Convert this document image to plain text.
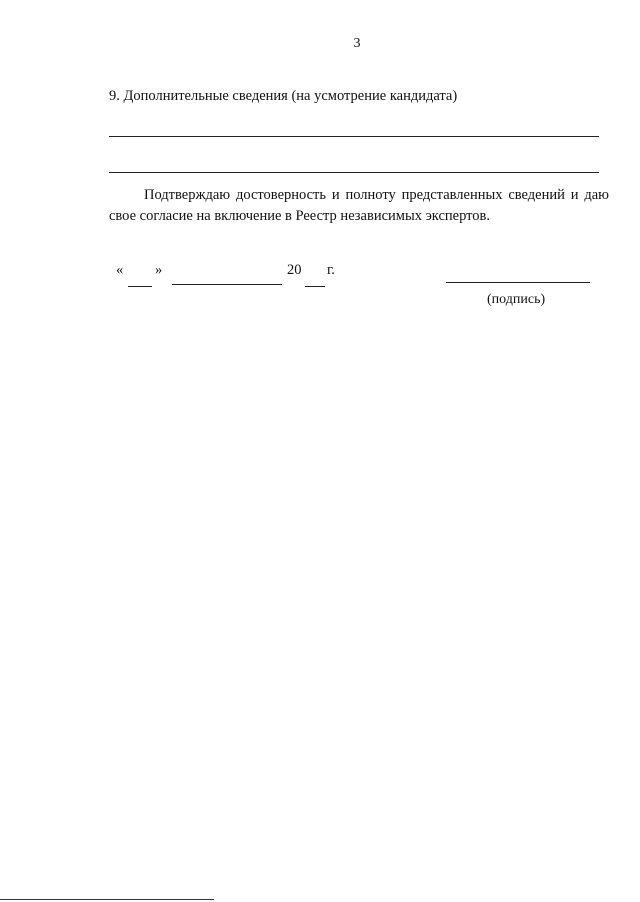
3
9. Дополнительные сведения (на усмотрение кандидата)
Подтверждаю достоверность и полноту представленных сведений и даю свое согласие на включение в Реестр независимых экспертов.
« »	20 г.
(подпись)
